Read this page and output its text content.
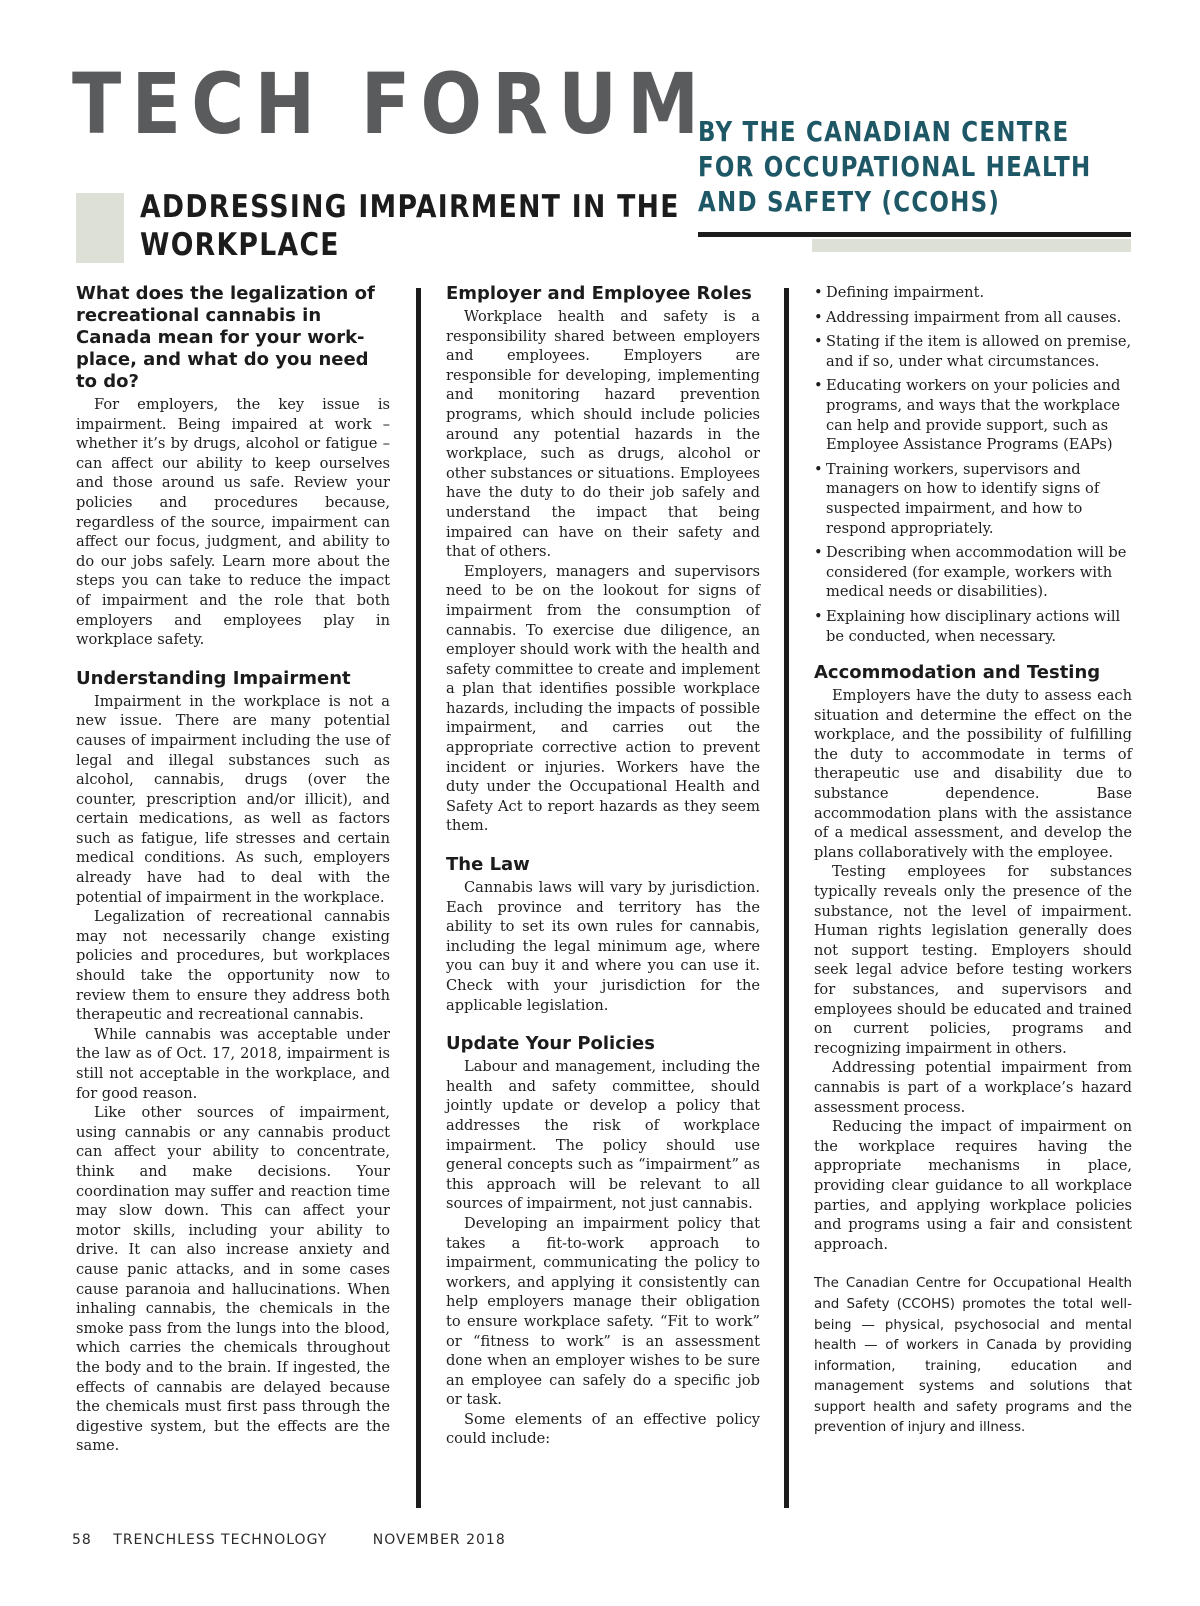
TECH FORUM
BY THE CANADIAN CENTRE
FOR OCCUPATIONAL HEALTH
AND SAFETY (CCOHS)
ADDRESSING IMPAIRMENT IN THE
WORKPLACE
What does the legalization of recreational cannabis in Canada mean for your work-place, and what do you need to do?

For employers, the key issue is impairment. Being impaired at work – whether it’s by drugs, alcohol or fatigue – can affect our ability to keep ourselves and those around us safe. Review your policies and procedures because, regardless of the source, impairment can affect our focus, judgment, and ability to do our jobs safely. Learn more about the steps you can take to reduce the impact of impairment and the role that both employers and employees play in workplace safety.

Understanding Impairment

Impairment in the workplace is not a new issue. There are many potential causes of impairment including the use of legal and illegal substances such as alcohol, cannabis, drugs (over the counter, prescription and/or illicit), and certain medications, as well as factors such as fatigue, life stresses and certain medical conditions. As such, employers already have had to deal with the potential of impairment in the workplace.

Legalization of recreational cannabis may not necessarily change existing policies and procedures, but workplaces should take the opportunity now to review them to ensure they address both therapeutic and recreational cannabis.

While cannabis was acceptable under the law as of Oct. 17, 2018, impairment is still not acceptable in the workplace, and for good reason.

Like other sources of impairment, using cannabis or any cannabis product can affect your ability to concentrate, think and make decisions. Your coordination may suffer and reaction time may slow down. This can affect your motor skills, including your ability to drive. It can also increase anxiety and cause panic attacks, and in some cases cause paranoia and hallucinations. When inhaling cannabis, the chemicals in the smoke pass from the lungs into the blood, which carries the chemicals throughout the body and to the brain. If ingested, the effects of cannabis are delayed because the chemicals must first pass through the digestive system, but the effects are the same.

Employer and Employee Roles

Workplace health and safety is a responsibility shared between employers and employees. Employers are responsible for developing, implementing and monitoring hazard prevention programs, which should include policies around any potential hazards in the workplace, such as drugs, alcohol or other substances or situations. Employees have the duty to do their job safely and understand the impact that being impaired can have on their safety and that of others.

Employers, managers and supervisors need to be on the lookout for signs of impairment from the consumption of cannabis. To exercise due diligence, an employer should work with the health and safety committee to create and implement a plan that identifies possible workplace hazards, including the impacts of possible impairment, and carries out the appropriate corrective action to prevent incident or injuries. Workers have the duty under the Occupational Health and Safety Act to report hazards as they seem them.

The Law

Cannabis laws will vary by jurisdiction. Each province and territory has the ability to set its own rules for cannabis, including the legal minimum age, where you can buy it and where you can use it. Check with your jurisdiction for the applicable legislation.

Update Your Policies

Labour and management, including the health and safety committee, should jointly update or develop a policy that addresses the risk of workplace impairment. The policy should use general concepts such as “impairment” as this approach will be relevant to all sources of impairment, not just cannabis.

Developing an impairment policy that takes a fit-to-work approach to impairment, communicating the policy to workers, and applying it consistently can help employers manage their obligation to ensure workplace safety. “Fit to work” or “fitness to work” is an assessment done when an employer wishes to be sure an employee can safely do a specific job or task.

Some elements of an effective policy could include:

• Defining impairment.
• Addressing impairment from all causes.
• Stating if the item is allowed on premise, and if so, under what circumstances.
• Educating workers on your policies and programs, and ways that the workplace can help and provide support, such as Employee Assistance Programs (EAPs)
• Training workers, supervisors and managers on how to identify signs of suspected impairment, and how to respond appropriately.
• Describing when accommodation will be considered (for example, workers with medical needs or disabilities).
• Explaining how disciplinary actions will be conducted, when necessary.
Accommodation and Testing

Employers have the duty to assess each situation and determine the effect on the workplace, and the possibility of fulfilling the duty to accommodate in terms of therapeutic use and disability due to substance dependence. Base accommodation plans with the assistance of a medical assessment, and develop the plans collaboratively with the employee.

Testing employees for substances typically reveals only the presence of the substance, not the level of impairment. Human rights legislation generally does not support testing. Employers should seek legal advice before testing workers for substances, and supervisors and employees should be educated and trained on current policies, programs and recognizing impairment in others.

Addressing potential impairment from cannabis is part of a workplace’s hazard assessment process.

Reducing the impact of impairment on the workplace requires having the appropriate mechanisms in place, providing clear guidance to all workplace parties, and applying workplace policies and programs using a fair and consistent approach.

The Canadian Centre for Occupational Health and Safety (CCOHS) promotes the total well-being — physical, psychosocial and mental health — of workers in Canada by providing information, training, education and management systems and solutions that support health and safety programs and the prevention of injury and illness.
58 TRENCHLESS TECHNOLOGY	NOVEMBER 2018
